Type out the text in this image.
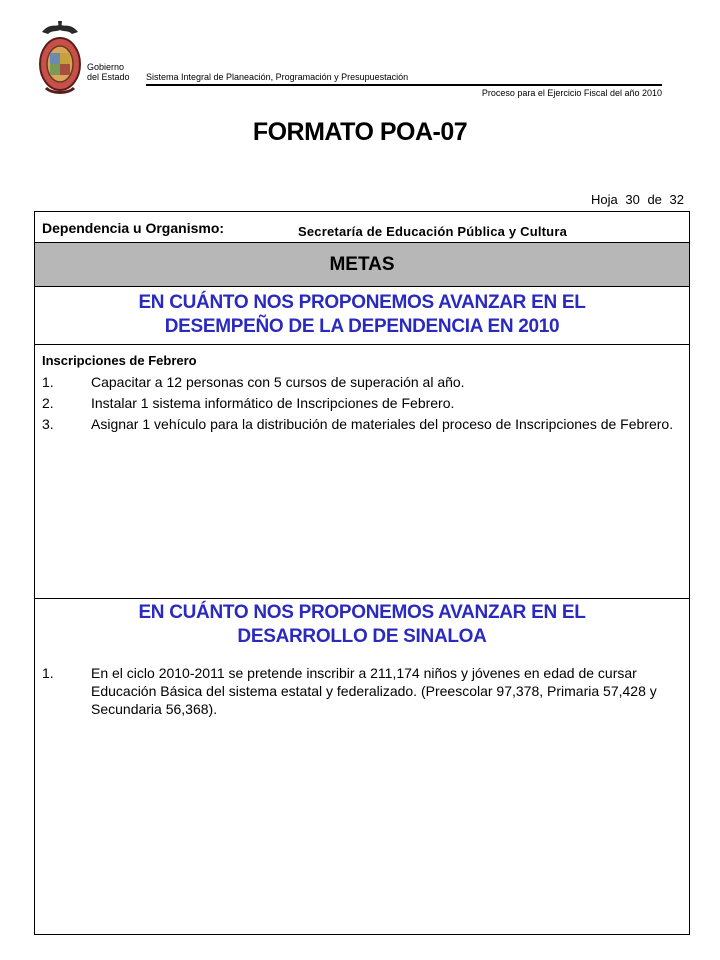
Gobierno
del Estado Sistema Integral de Planeación, Programación y Presupuestación
Proceso para el Ejercicio Fiscal del año 2010
FORMATO POA-07
Hoja 30 de 32
Dependencia u Organismo:	Secretaría de Educación Pública y Cultura
METAS
EN CUÁNTO NOS PROPONEMOS AVANZAR EN EL
DESEMPEÑO DE LA DEPENDENCIA EN 2010
Inscripciones de Febrero
1.	Capacitar a 12 personas con 5 cursos de superación al año.
2.	Instalar 1 sistema informático de Inscripciones de Febrero.
3.	Asignar 1 vehículo para la distribución de materiales del proceso de Inscripciones de Febrero.
EN CUÁNTO NOS PROPONEMOS AVANZAR EN EL
DESARROLLO DE SINALOA
1.	En el ciclo 2010-2011 se pretende inscribir a 211,174 niños y jóvenes en edad de cursar Educación Básica del sistema estatal y federalizado. (Preescolar 97,378, Primaria 57,428 y Secundaria 56,368).
